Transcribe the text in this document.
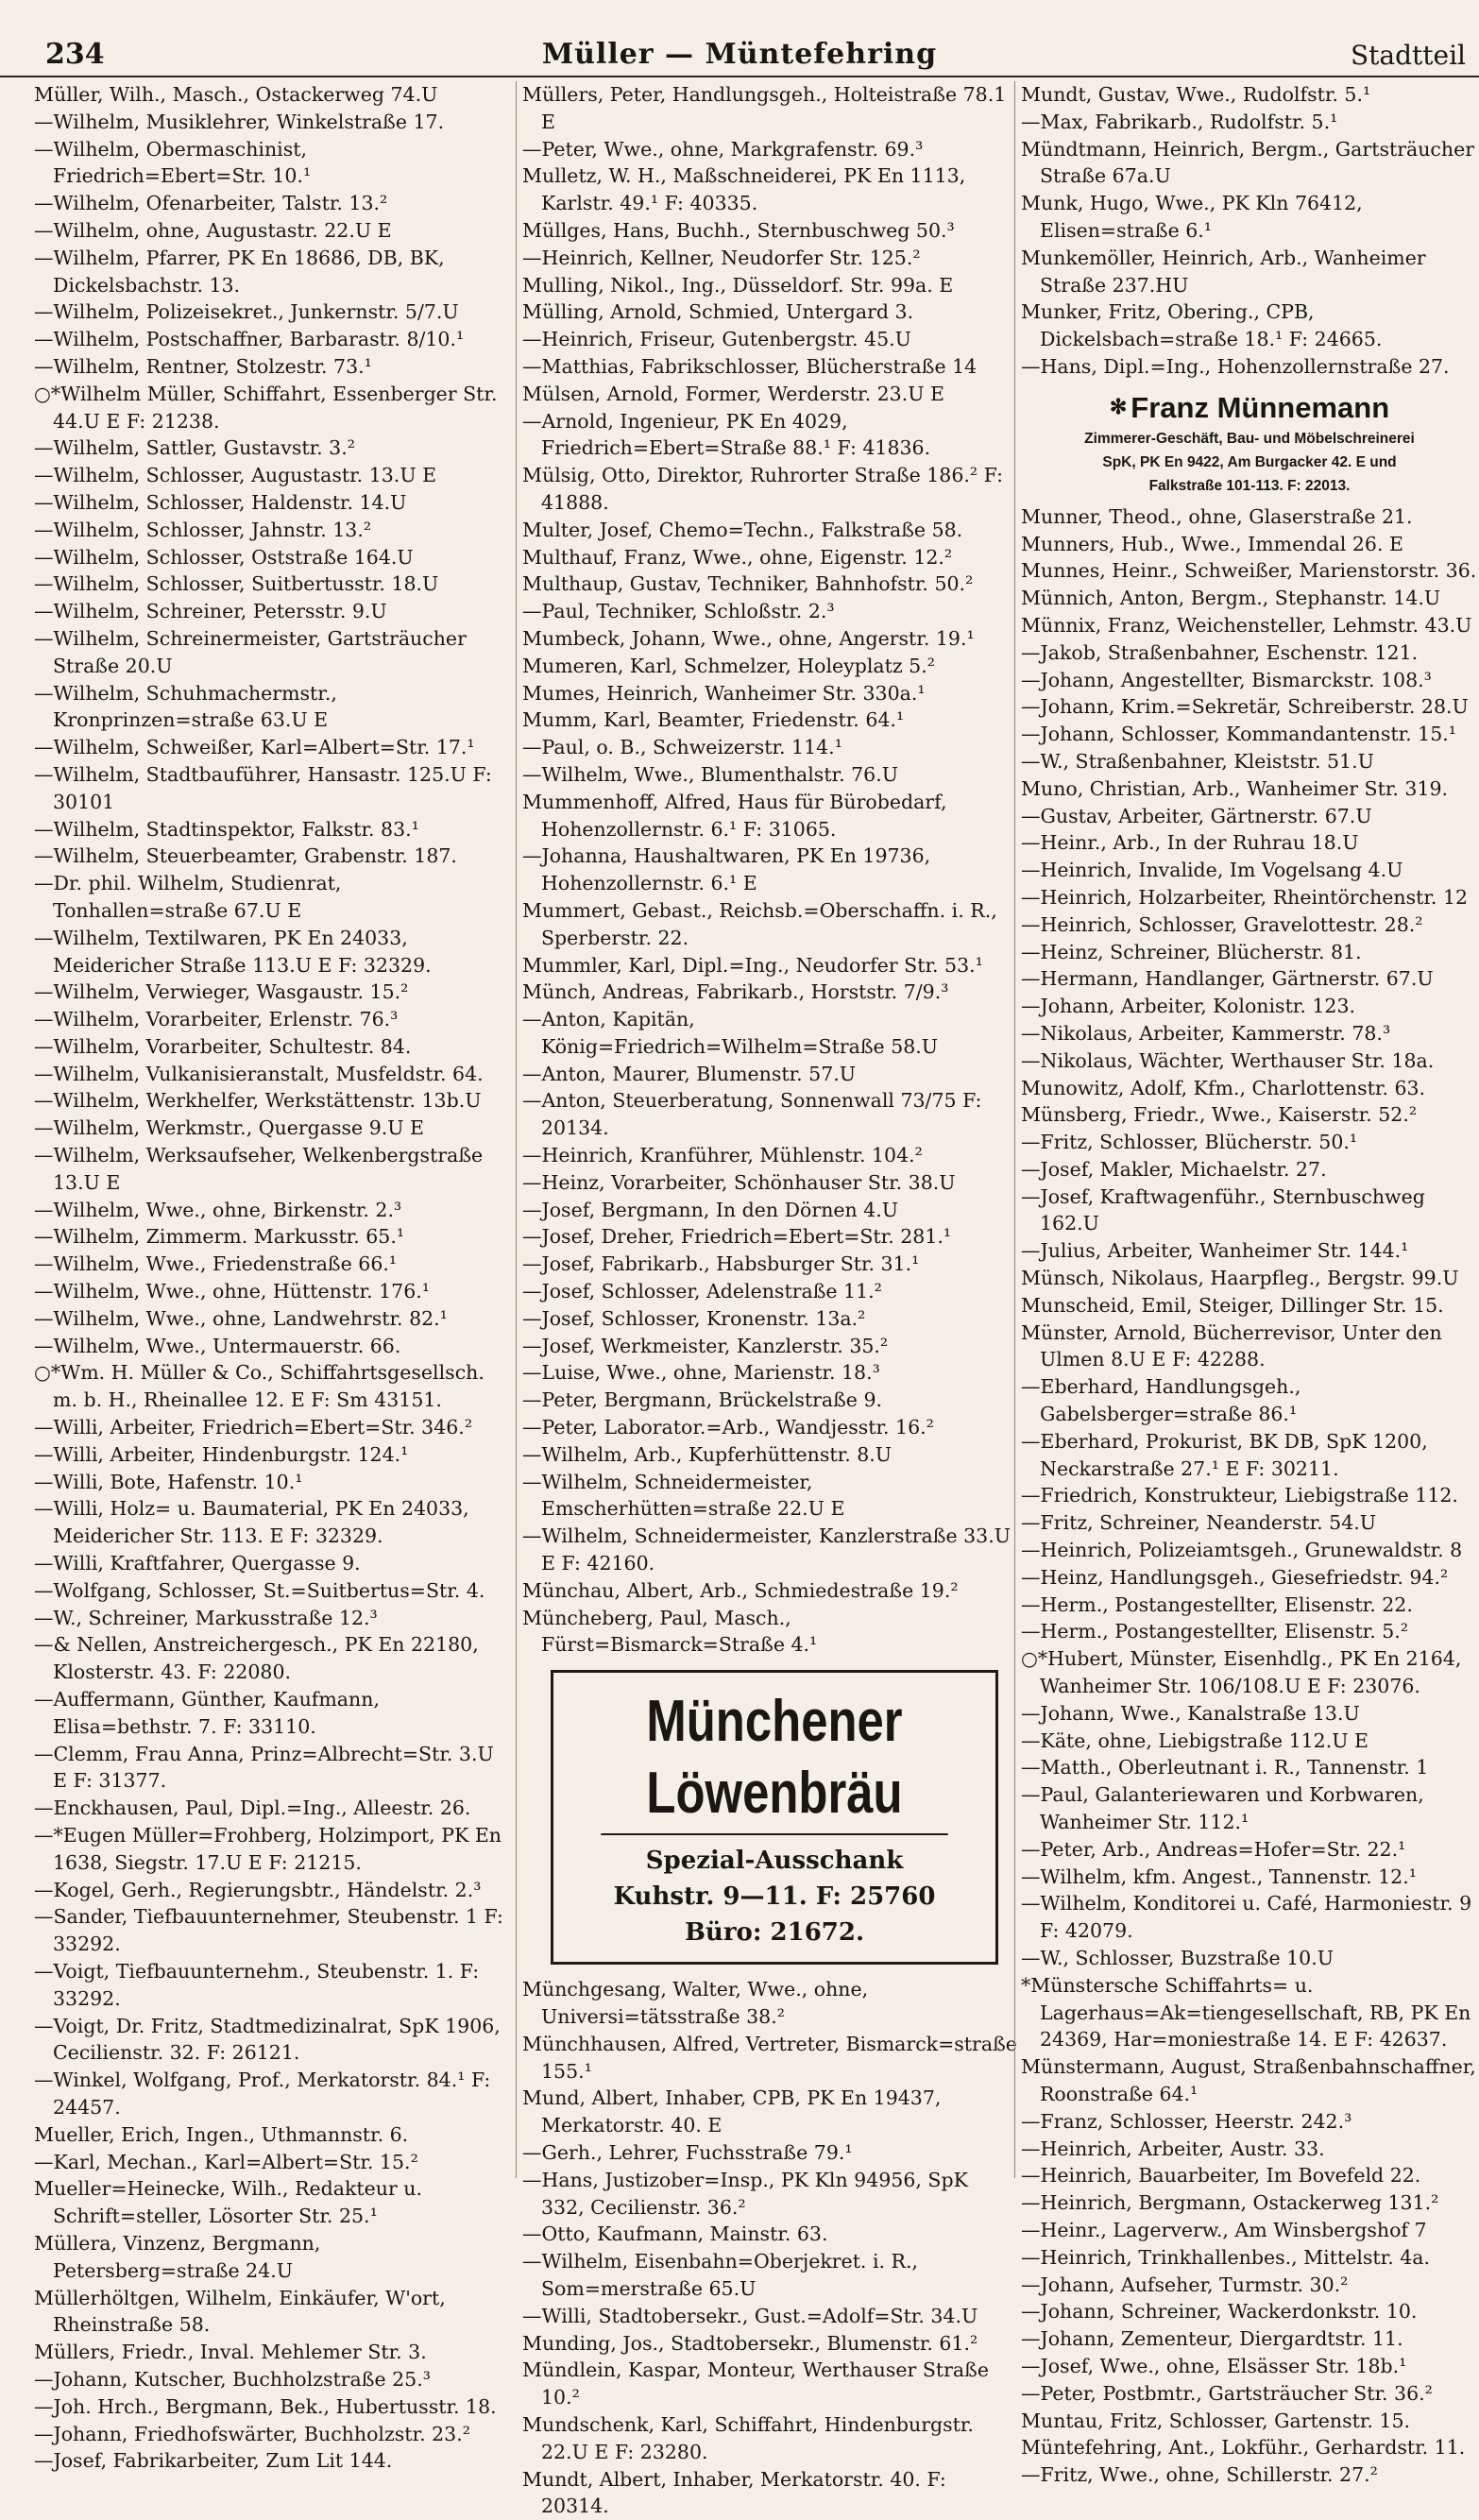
234	Müller — Müntefehring	Stadtteil
Müller, Wilh., Masch., Ostackerweg 74.U
—Wilhelm, Musiklehrer, Winkelstraße 17.
—Wilhelm, Obermaschinist, Friedrich=Ebert=Str. 10.¹
—Wilhelm, Ofenarbeiter, Talstr. 13.²
—Wilhelm, ohne, Augustastr. 22.U E
—Wilhelm, Pfarrer, PK En 18686, DB, BK, Dickelsbachstr. 13.
—Wilhelm, Polizeisekret., Junkernstr. 5/7.U
—Wilhelm, Postschaffner, Barbarastr. 8/10.¹
—Wilhelm, Rentner, Stolzestr. 73.¹
○*Wilhelm Müller, Schiffahrt, Essenberger Str. 44.U E F: 21238.
—Wilhelm, Sattler, Gustavstr. 3.²
—Wilhelm, Schlosser, Augustastr. 13.U E
—Wilhelm, Schlosser, Haldenstr. 14.U
—Wilhelm, Schlosser, Jahnstr. 13.²
—Wilhelm, Schlosser, Oststraße 164.U
—Wilhelm, Schlosser, Suitbertusstr. 18.U
—Wilhelm, Schreiner, Petersstr. 9.U
—Wilhelm, Schreinermeister, Gartsträucher Straße 20.U
—Wilhelm, Schuhmachermstr., Kronprinzen=straße 63.U E
—Wilhelm, Schweißer, Karl=Albert=Str. 17.¹
—Wilhelm, Stadtbauführer, Hansastr. 125.U F: 30101
—Wilhelm, Stadtinspektor, Falkstr. 83.¹
—Wilhelm, Steuerbeamter, Grabenstr. 187.
—Dr. phil. Wilhelm, Studienrat, Tonhallen=straße 67.U E
—Wilhelm, Textilwaren, PK En 24033, Meidericher Straße 113.U E F: 32329.
—Wilhelm, Verwieger, Wasgaustr. 15.²
—Wilhelm, Vorarbeiter, Erlenstr. 76.³
—Wilhelm, Vorarbeiter, Schultestr. 84.
—Wilhelm, Vulkanisieranstalt, Musfeldstr. 64.
—Wilhelm, Werkhelfer, Werkstättenstr. 13b.U
—Wilhelm, Werkmstr., Quergasse 9.U E
—Wilhelm, Werksaufseher, Welkenbergstraße 13.U E
—Wilhelm, Wwe., ohne, Birkenstr. 2.³
—Wilhelm, Zimmerm. Markusstr. 65.¹
—Wilhelm, Wwe., Friedenstraße 66.¹
—Wilhelm, Wwe., ohne, Hüttenstr. 176.¹
—Wilhelm, Wwe., ohne, Landwehrstr. 82.¹
—Wilhelm, Wwe., Untermauerstr. 66.
○*Wm. H. Müller & Co., Schiffahrtsgesellsch. m. b. H., Rheinallee 12. E F: Sm 43151.
—Willi, Arbeiter, Friedrich=Ebert=Str. 346.²
—Willi, Arbeiter, Hindenburgstr. 124.¹
—Willi, Bote, Hafenstr. 10.¹
—Willi, Holz= u. Baumaterial, PK En 24033, Meidericher Str. 113. E F: 32329.
—Willi, Kraftfahrer, Quergasse 9.
—Wolfgang, Schlosser, St.=Suitbertus=Str. 4.
—W., Schreiner, Markusstraße 12.³
—& Nellen, Anstreichergesch., PK En 22180, Klosterstr. 43. F: 22080.
—Auffermann, Günther, Kaufmann, Elisa=bethstr. 7. F: 33110.
—Clemm, Frau Anna, Prinz=Albrecht=Str. 3.U E F: 31377.
—Enckhausen, Paul, Dipl.=Ing., Alleestr. 26.
—*Eugen Müller=Frohberg, Holzimport, PK En 1638, Siegstr. 17.U E F: 21215.
—Kogel, Gerh., Regierungsbtr., Händelstr. 2.³
—Sander, Tiefbauunternehmer, Steubenstr. 1 F: 33292.
—Voigt, Tiefbauunternehm., Steubenstr. 1. F: 33292.
—Voigt, Dr. Fritz, Stadtmedizinalrat, SpK 1906, Cecilienstr. 32. F: 26121.
—Winkel, Wolfgang, Prof., Merkatorstr. 84.¹ F: 24457.
Mueller, Erich, Ingen., Uthmannstr. 6.
—Karl, Mechan., Karl=Albert=Str. 15.²
Mueller=Heinecke, Wilh., Redakteur u. Schrift=steller, Lösorter Str. 25.¹
Müllera, Vinzenz, Bergmann, Petersberg=straße 24.U
Müllerhöltgen, Wilhelm, Einkäufer, W'ort, Rheinstraße 58.
Müllers, Friedr., Inval. Mehlemer Str. 3.
—Johann, Kutscher, Buchholzstraße 25.³
—Joh. Hrch., Bergmann, Bek., Hubertusstr. 18.
—Johann, Friedhofswärter, Buchholzstr. 23.²
—Josef, Fabrikarbeiter, Zum Lit 144.
Müllers, Peter, Handlungsgeh., Holteistraße 78.1 E
—Peter, Wwe., ohne, Markgrafenstr. 69.³
Mulletz, W. H., Maßschneiderei, PK En 1113, Karlstr. 49.¹ F: 40335.
Müllges, Hans, Buchh., Sternbuschweg 50.³
—Heinrich, Kellner, Neudorfer Str. 125.²
Mulling, Nikol., Ing., Düsseldorf. Str. 99a. E
Mülling, Arnold, Schmied, Untergard 3.
—Heinrich, Friseur, Gutenbergstr. 45.U
—Matthias, Fabrikschlosser, Blücherstraße 14
Mülsen, Arnold, Former, Werderstr. 23.U E
—Arnold, Ingenieur, PK En 4029, Friedrich=Ebert=Straße 88.¹ F: 41836.
Mülsig, Otto, Direktor, Ruhrorter Straße 186.² F: 41888.
Multer, Josef, Chemo=Techn., Falkstraße 58.
Multhauf, Franz, Wwe., ohne, Eigenstr. 12.²
Multhaup, Gustav, Techniker, Bahnhofstr. 50.²
—Paul, Techniker, Schloßstr. 2.³
Mumbeck, Johann, Wwe., ohne, Angerstr. 19.¹
Mumeren, Karl, Schmelzer, Holeyplatz 5.²
Mumes, Heinrich, Wanheimer Str. 330a.¹
Mumm, Karl, Beamter, Friedenstr. 64.¹
—Paul, o. B., Schweizerstr. 114.¹
—Wilhelm, Wwe., Blumenthalstr. 76.U
Mummenhoff, Alfred, Haus für Bürobedarf, Hohenzollernstr. 6.¹ F: 31065.
—Johanna, Haushaltwaren, PK En 19736, Hohenzollernstr. 6.¹ E
Mummert, Gebast., Reichsb.=Oberschaffn. i. R., Sperberstr. 22.
Mummler, Karl, Dipl.=Ing., Neudorfer Str. 53.¹
Münch, Andreas, Fabrikarb., Horststr. 7/9.³
—Anton, Kapitän, König=Friedrich=Wilhelm=Straße 58.U
—Anton, Maurer, Blumenstr. 57.U
—Anton, Steuerberatung, Sonnenwall 73/75 F: 20134.
—Heinrich, Kranführer, Mühlenstr. 104.²
—Heinz, Vorarbeiter, Schönhauser Str. 38.U
—Josef, Bergmann, In den Dörnen 4.U
—Josef, Dreher, Friedrich=Ebert=Str. 281.¹
—Josef, Fabrikarb., Habsburger Str. 31.¹
—Josef, Schlosser, Adelenstraße 11.²
—Josef, Schlosser, Kronenstr. 13a.²
—Josef, Werkmeister, Kanzlerstr. 35.²
—Luise, Wwe., ohne, Marienstr. 18.³
—Peter, Bergmann, Brückelstraße 9.
—Peter, Laborator.=Arb., Wandjesstr. 16.²
—Wilhelm, Arb., Kupferhüttenstr. 8.U
—Wilhelm, Schneidermeister, Emscherhütten=straße 22.U E
—Wilhelm, Schneidermeister, Kanzlerstraße 33.U E F: 42160.
Münchau, Albert, Arb., Schmiedestraße 19.²
Müncheberg, Paul, Masch., Fürst=Bismarck=Straße 4.¹
Münchener Löwenbräu
Spezial-Ausschank
Kuhstr. 9—11. F: 25760
Büro: 21672.
Münchgesang, Walter, Wwe., ohne, Universi=tätsstraße 38.²
Münchhausen, Alfred, Vertreter, Bismarck=straße 155.¹
Mund, Albert, Inhaber, CPB, PK En 19437, Merkatorstr. 40. E
—Gerh., Lehrer, Fuchsstraße 79.¹
—Hans, Justizober=Insp., PK Kln 94956, SpK 332, Cecilienstr. 36.²
—Otto, Kaufmann, Mainstr. 63.
—Wilhelm, Eisenbahn=Oberjekret. i. R., Som=merstraße 65.U
—Willi, Stadtobersekr., Gust.=Adolf=Str. 34.U
Munding, Jos., Stadtobersekr., Blumenstr. 61.²
Mündlein, Kaspar, Monteur, Werthauser Straße 10.²
Mundschenk, Karl, Schiffahrt, Hindenburgstr. 22.U E F: 23280.
Mundt, Albert, Inhaber, Merkatorstr. 40. F: 20314.
Mundt, Gustav, Wwe., Rudolfstr. 5.¹
—Max, Fabrikarb., Rudolfstr. 5.¹
Mündtmann, Heinrich, Bergm., Gartsträucher Straße 67a.U
Munk, Hugo, Wwe., PK Kln 76412, Elisen=straße 6.¹
Munkemöller, Heinrich, Arb., Wanheimer Straße 237.HU
Munker, Fritz, Obering., CPB, Dickelsbach=straße 18.¹ F: 24665.
—Hans, Dipl.=Ing., Hohenzollernstraße 27.
✻ Franz Münnemann
Zimmerer-Geschäft, Bau- und Möbelschreinerei
SpK, PK En 9422, Am Burgacker 42. E und
Falkstraße 101-113. F: 22013.
Munner, Theod., ohne, Glaserstraße 21.
Munners, Hub., Wwe., Immendal 26. E
Munnes, Heinr., Schweißer, Marienstorstr. 36.
Münnich, Anton, Bergm., Stephanstr. 14.U
Münnix, Franz, Weichensteller, Lehmstr. 43.U
—Jakob, Straßenbahner, Eschenstr. 121.
—Johann, Angestellter, Bismarckstr. 108.³
—Johann, Krim.=Sekretär, Schreiberstr. 28.U
—Johann, Schlosser, Kommandantenstr. 15.¹
—W., Straßenbahner, Kleiststr. 51.U
Muno, Christian, Arb., Wanheimer Str. 319.
—Gustav, Arbeiter, Gärtnerstr. 67.U
—Heinr., Arb., In der Ruhrau 18.U
—Heinrich, Invalide, Im Vogelsang 4.U
—Heinrich, Holzarbeiter, Rheintörchenstr. 12
—Heinrich, Schlosser, Gravelottestr. 28.²
—Heinz, Schreiner, Blücherstr. 81.
—Hermann, Handlanger, Gärtnerstr. 67.U
—Johann, Arbeiter, Kolonistr. 123.
—Nikolaus, Arbeiter, Kammerstr. 78.³
—Nikolaus, Wächter, Werthauser Str. 18a.
Munowitz, Adolf, Kfm., Charlottenstr. 63.
Münsberg, Friedr., Wwe., Kaiserstr. 52.²
—Fritz, Schlosser, Blücherstr. 50.¹
—Josef, Makler, Michaelstr. 27.
—Josef, Kraftwagenführ., Sternbuschweg 162.U
—Julius, Arbeiter, Wanheimer Str. 144.¹
Münsch, Nikolaus, Haarpfleg., Bergstr. 99.U
Munscheid, Emil, Steiger, Dillinger Str. 15.
Münster, Arnold, Bücherrevisor, Unter den Ulmen 8.U E F: 42288.
—Eberhard, Handlungsgeh., Gabelsberger=straße 86.¹
—Eberhard, Prokurist, BK DB, SpK 1200, Neckarstraße 27.¹ E F: 30211.
—Friedrich, Konstrukteur, Liebigstraße 112.
—Fritz, Schreiner, Neanderstr. 54.U
—Heinrich, Polizeiamtsgeh., Grunewaldstr. 8
—Heinz, Handlungsgeh., Giesefriedstr. 94.²
—Herm., Postangestellter, Elisenstr. 22.
—Herm., Postangestellter, Elisenstr. 5.²
○*Hubert, Münster, Eisenhdlg., PK En 2164, Wanheimer Str. 106/108.U E F: 23076.
—Johann, Wwe., Kanalstraße 13.U
—Käte, ohne, Liebigstraße 112.U E
—Matth., Oberleutnant i. R., Tannenstr. 1
—Paul, Galanteriewaren und Korbwaren, Wanheimer Str. 112.¹
—Peter, Arb., Andreas=Hofer=Str. 22.¹
—Wilhelm, kfm. Angest., Tannenstr. 12.¹
—Wilhelm, Konditorei u. Café, Harmoniestr. 9 F: 42079.
—W., Schlosser, Buzstraße 10.U
*Münstersche Schiffahrts= u. Lagerhaus=Ak=tiengesellschaft, RB, PK En 24369, Har=moniestraße 14. E F: 42637.
Münstermann, August, Straßenbahnschaffner, Roonstraße 64.¹
—Franz, Schlosser, Heerstr. 242.³
—Heinrich, Arbeiter, Austr. 33.
—Heinrich, Bauarbeiter, Im Bovefeld 22.
—Heinrich, Bergmann, Ostackerweg 131.²
—Heinr., Lagerverw., Am Winsbergshof 7
—Heinrich, Trinkhallenbes., Mittelstr. 4a.
—Johann, Aufseher, Turmstr. 30.²
—Johann, Schreiner, Wackerdonkstr. 10.
—Johann, Zementeur, Diergardtstr. 11.
—Josef, Wwe., ohne, Elsässer Str. 18b.¹
—Peter, Postbmtr., Gartsträucher Str. 36.²
Muntau, Fritz, Schlosser, Gartenstr. 15.
Müntefehring, Ant., Lokführ., Gerhardstr. 11.
—Fritz, Wwe., ohne, Schillerstr. 27.²
